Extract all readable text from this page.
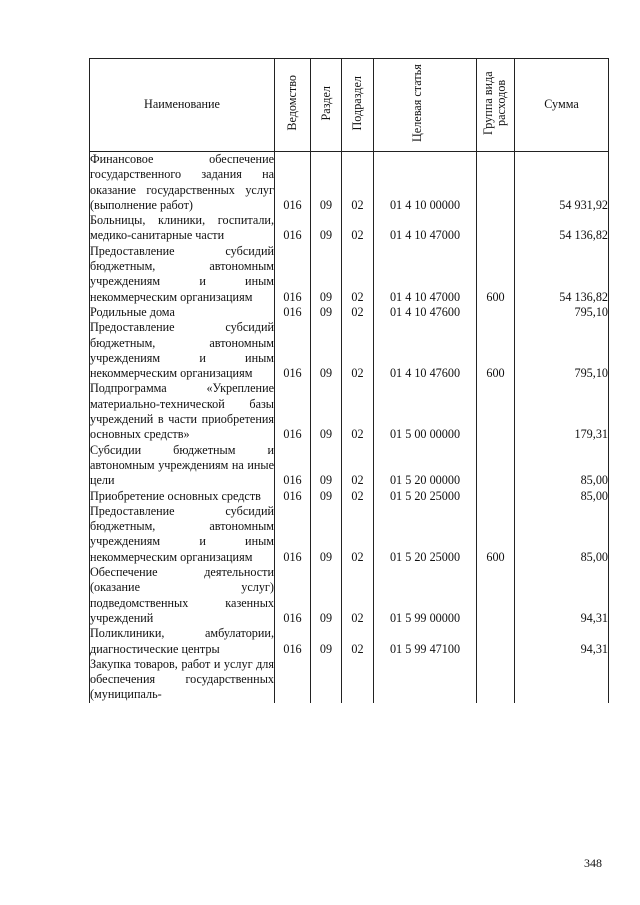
Наименование	Ведомство	Раздел	Подраздел	Целевая статья	Группа вида расходов	Сумма
Финансовое обеспечение государственного задания на оказание государственных услуг (выполнение работ)	016	09	02	01 4 10 00000		54 931,92
Больницы, клиники, госпитали, медико-санитарные части	016	09	02	01 4 10 47000		54 136,82
Предоставление субсидий бюджетным, автономным учреждениям и иным некоммерческим организациям	016	09	02	01 4 10 47000	600	54 136,82
Родильные дома	016	09	02	01 4 10 47600		795,10
Предоставление субсидий бюджетным, автономным учреждениям и иным некоммерческим организациям	016	09	02	01 4 10 47600	600	795,10
Подпрограмма «Укрепление материально-технической базы учреждений в части приобретения основных средств»	016	09	02	01 5 00 00000		179,31
Субсидии бюджетным и автономным учреждениям на иные цели	016	09	02	01 5 20 00000		85,00
Приобретение основных средств	016	09	02	01 5 20 25000		85,00
Предоставление субсидий бюджетным, автономным учреждениям и иным некоммерческим организациям	016	09	02	01 5 20 25000	600	85,00
Обеспечение деятельности (оказание услуг) подведомственных казенных учреждений	016	09	02	01 5 99 00000		94,31
Поликлиники, амбулатории, диагностические центры	016	09	02	01 5 99 47100		94,31
Закупка товаров, работ и услуг для обеспечения государственных (муниципаль-						
348
